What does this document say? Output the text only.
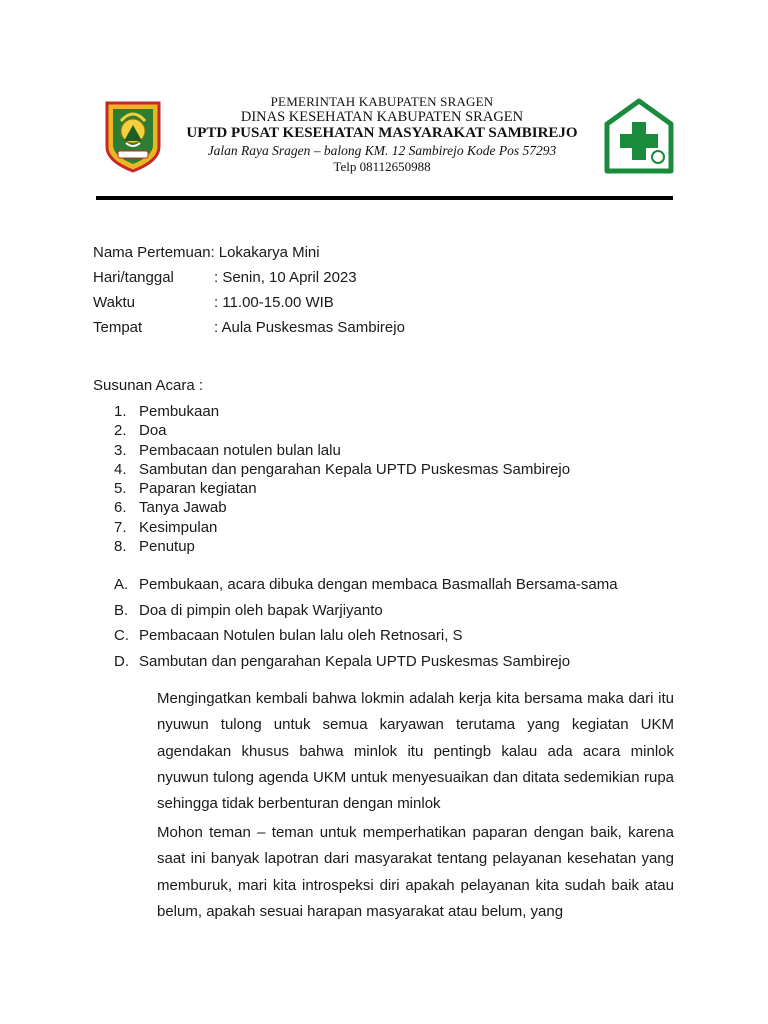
PEMERINTAH KABUPATEN SRAGEN
DINAS KESEHATAN KABUPATEN SRAGEN
UPTD PUSAT KESEHATAN MASYARAKAT SAMBIREJO
Jalan Raya Sragen – balong KM. 12 Sambirejo Kode Pos 57293
Telp 08112650988
Nama Pertemuan: Lokakarya Mini
Hari/tanggal	: Senin, 10 April 2023
Waktu	: 11.00-15.00 WIB
Tempat	: Aula Puskesmas Sambirejo
Susunan Acara :
1. Pembukaan
2. Doa
3. Pembacaan notulen bulan lalu
4. Sambutan dan pengarahan Kepala UPTD Puskesmas Sambirejo
5. Paparan kegiatan
6. Tanya Jawab
7. Kesimpulan
8. Penutup
A. Pembukaan, acara dibuka dengan membaca Basmallah Bersama-sama
B. Doa di pimpin oleh bapak Warjiyanto
C. Pembacaan Notulen bulan lalu oleh Retnosari, S
D. Sambutan dan pengarahan Kepala UPTD Puskesmas Sambirejo

Mengingatkan kembali bahwa lokmin adalah kerja kita bersama maka dari itu nyuwun tulong untuk semua karyawan terutama yang kegiatan UKM agendakan khusus bahwa minlok itu pentingb kalau ada acara minlok nyuwun tulong agenda UKM untuk menyesuaikan dan ditata sedemikian rupa sehingga tidak berbenturan dengan minlok

Mohon teman – teman untuk memperhatikan paparan dengan baik, karena saat ini banyak lapotran dari masyarakat tentang pelayanan kesehatan yang memburuk, mari kita introspeksi diri apakah pelayanan kita sudah baik atau belum, apakah sesuai harapan masyarakat atau belum, yang
